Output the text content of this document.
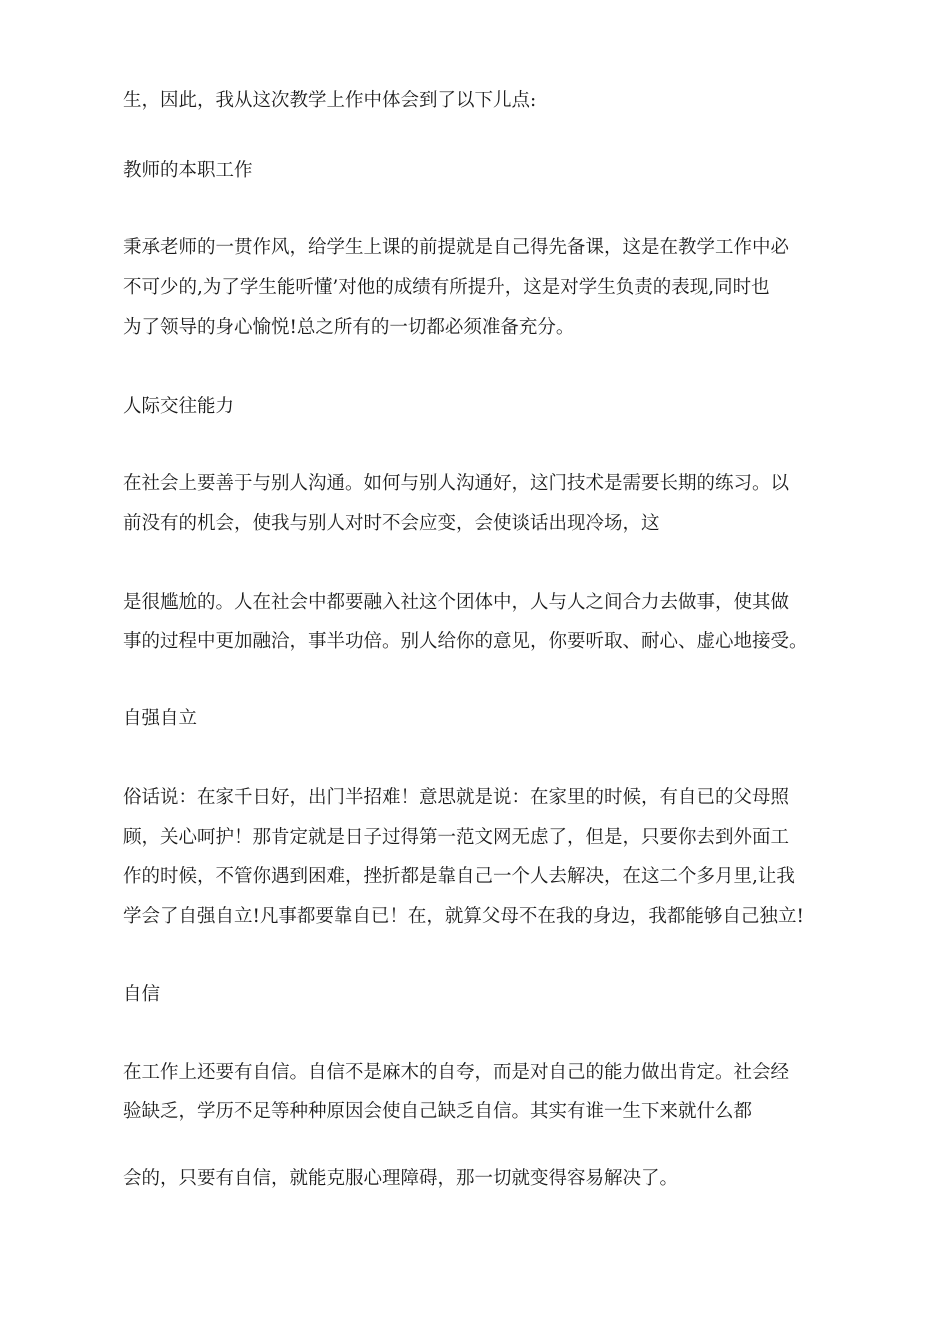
生，因此，我从这次教学上作中体会到了以下儿点:
教师的本职工作
秉承老师的一贯作风，给学生上课的前提就是自己得先备课，这是在教学工作中必
不可少的,为了学生能听懂’对他的成绩有所提升，这是对学生负责的表现,同时也
为了领导的身心愉悦!总之所有的一切都必须准备充分。
人际交往能力
在社会上要善于与别人沟通。如何与别人沟通好，这门技术是需要长期的练习。以
前没有的机会，使我与别人对时不会应变，会使谈话出现冷场，这
是很尴尬的。人在社会中都要融入社这个团体中，人与人之间合力去做事，使其做
事的过程中更加融洽，事半功倍。别人给你的意见，你要听取、耐心、虚心地接受。
自强自立
俗话说：在家千日好，出门半招难！意思就是说：在家里的时候，有自已的父母照
顾，关心呵护！那肯定就是日子过得第一范文网无虑了，但是，只要你去到外面工
作的时候，不管你遇到困难，挫折都是靠自己一个人去解决，在这二个多月里,让我
学会了自强自立!凡事都要靠自已！在，就算父母不在我的身边，我都能够自己独立!
自信
在工作上还要有自信。自信不是麻木的自夸，而是对自己的能力做出肯定。社会经
验缺乏，学历不足等种种原因会使自己缺乏自信。其实有谁一生下来就什么都
会的，只要有自信，就能克服心理障碍，那一切就变得容易解决了。
